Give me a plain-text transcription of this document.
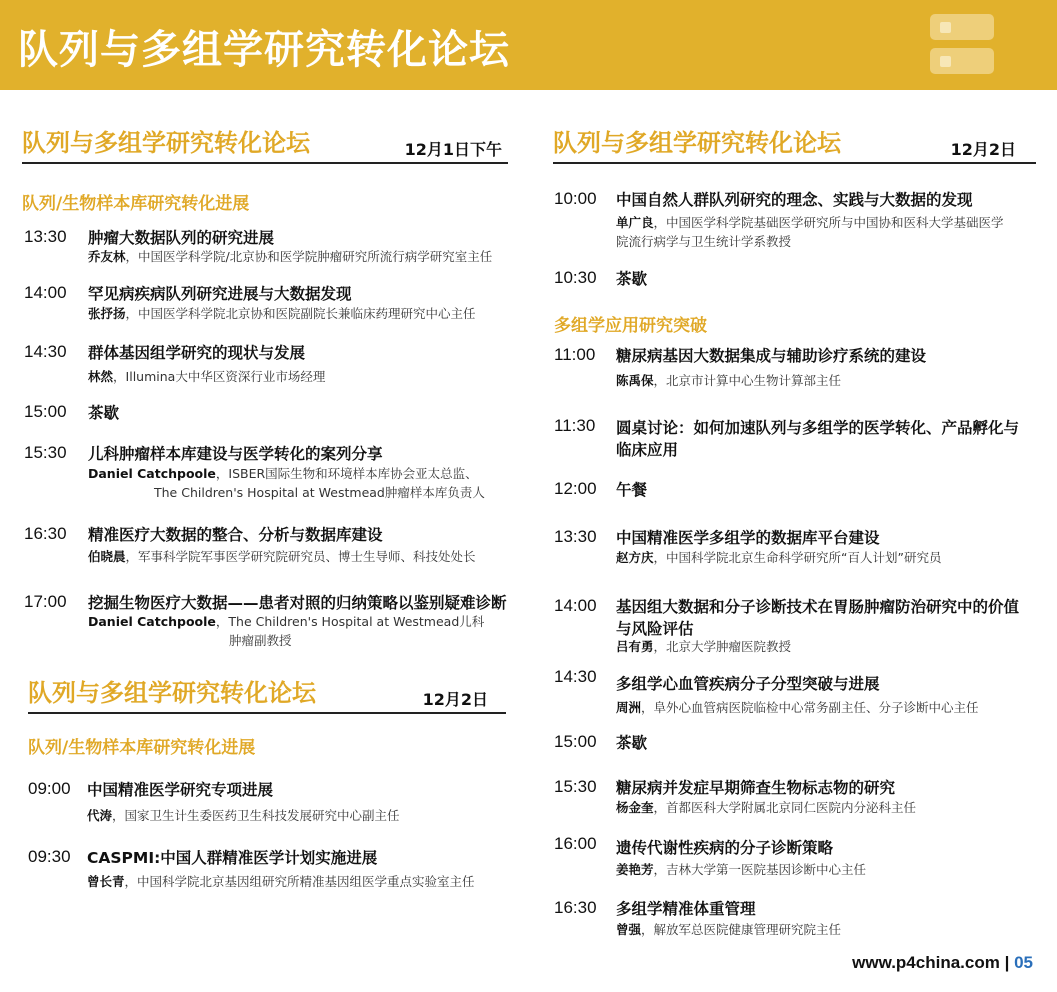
队列与多组学研究转化论坛
队列与多组学研究转化论坛	12月1日下午
队列/生物样本库研究转化进展
13:30 肿瘤大数据队列的研究进展
乔友林，中国医学科学院/北京协和医学院肿瘤研究所流行病学研究室主任
14:00 罕见病疾病队列研究进展与大数据发现
张抒扬，中国医学科学院北京协和医院副院长兼临床药理研究中心主任
14:30 群体基因组学研究的现状与发展
林然，Illumina大中华区资深行业市场经理
15:00 茶歇
15:30 儿科肿瘤样本库建设与医学转化的案列分享
Daniel Catchpoole，ISBER国际生物和环境样本库协会亚太总监、
The Children's Hospital at Westmead肿瘤样本库负责人
16:30 精准医疗大数据的整合、分析与数据库建设
伯晓晨，军事科学院军事医学研究院研究员、博士生导师、科技处处长
17:00 挖掘生物医疗大数据——患者对照的归纳策略以鉴别疑难诊断
Daniel Catchpoole，The Children's Hospital at Westmead儿科
肿瘤副教授
队列与多组学研究转化论坛	12月2日
队列/生物样本库研究转化进展
09:00 中国精准医学研究专项进展
代涛，国家卫生计生委医药卫生科技发展研究中心副主任
09:30 CASPMI:中国人群精准医学计划实施进展
曾长青，中国科学院北京基因组研究所精准基因组医学重点实验室主任
队列与多组学研究转化论坛	12月2日
10:00 中国自然人群队列研究的理念、实践与大数据的发现
单广良，中国医学科学院基础医学研究所与中国协和医科大学基础医学院流行病学与卫生统计学系教授
10:30 茶歇
多组学应用研究突破
11:00 糖尿病基因大数据集成与辅助诊疗系统的建设
陈禹保，北京市计算中心生物计算部主任
11:30 圆桌讨论：如何加速队列与多组学的医学转化、产品孵化与临床应用
12:00 午餐
13:30 中国精准医学多组学的数据库平台建设
赵方庆，中国科学院北京生命科学研究所“百人计划”研究员
14:00 基因组大数据和分子诊断技术在胃肠肿瘤防治研究中的价值与风险评估
吕有勇，北京大学肿瘤医院教授
14:30 多组学心血管疾病分子分型突破与进展
周洲，阜外心血管病医院临检中心常务副主任、分子诊断中心主任
15:00 茶歇
15:30 糖尿病并发症早期筛查生物标志物的研究
杨金奎，首都医科大学附属北京同仁医院内分泌科主任
16:00 遗传代谢性疾病的分子诊断策略
姜艳芳，吉林大学第一医院基因诊断中心主任
16:30 多组学精准体重管理
曾强，解放军总医院健康管理研究院主任
www.p4china.com | 05
